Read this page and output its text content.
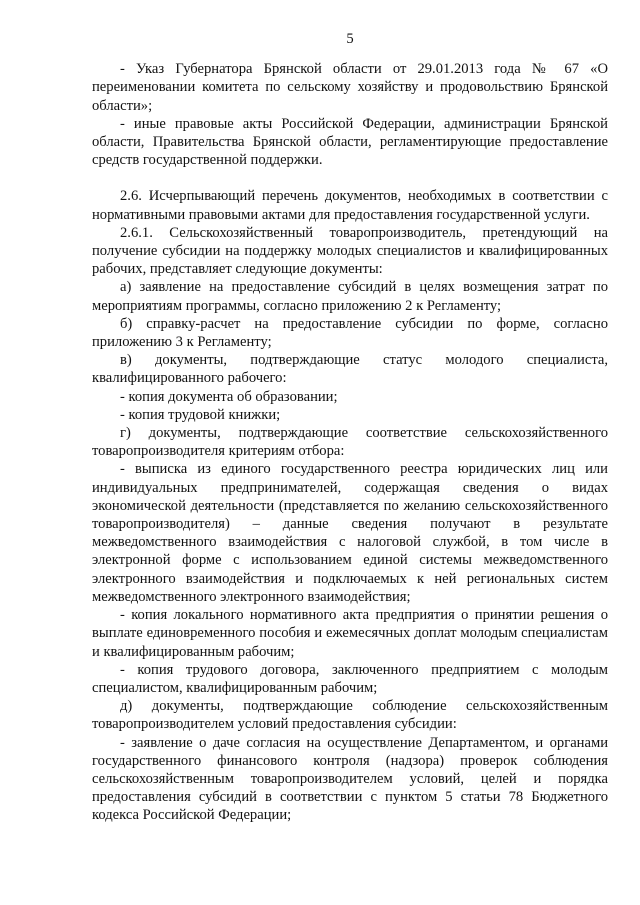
5

- Указ Губернатора Брянской области от 29.01.2013 года № 67 «О переименовании комитета по сельскому хозяйству и продовольствию Брянской области»;

- иные правовые акты Российской Федерации, администрации Брянской области, Правительства Брянской области, регламентирующие предоставление средств государственной поддержки.

2.6. Исчерпывающий перечень документов, необходимых в соответствии с нормативными правовыми актами для предоставления государственной услуги.

2.6.1. Сельскохозяйственный товаропроизводитель, претендующий на получение субсидии на поддержку молодых специалистов и квалифицированных рабочих, представляет следующие документы:

а) заявление на предоставление субсидий в целях возмещения затрат по мероприятиям программы, согласно приложению 2 к Регламенту;

б) справку-расчет на предоставление субсидии по форме, согласно приложению 3 к Регламенту;

в) документы, подтверждающие статус молодого специалиста, квалифицированного рабочего:

- копия документа об образовании;

- копия трудовой книжки;

г) документы, подтверждающие соответствие сельскохозяйственного товаропроизводителя критериям отбора:

- выписка из единого государственного реестра юридических лиц или индивидуальных предпринимателей, содержащая сведения о видах экономической деятельности (представляется по желанию сельскохозяйственного товаропроизводителя) – данные сведения получают в результате межведомственного взаимодействия с налоговой службой, в том числе в электронной форме с использованием единой системы межведомственного электронного взаимодействия и подключаемых к ней региональных систем межведомственного электронного взаимодействия;

- копия локального нормативного акта предприятия о принятии решения о выплате единовременного пособия и ежемесячных доплат молодым специалистам и квалифицированным рабочим;

- копия трудового договора, заключенного предприятием с молодым специалистом, квалифицированным рабочим;

д) документы, подтверждающие соблюдение сельскохозяйственным товаропроизводителем условий предоставления субсидии:

- заявление о даче согласия на осуществление Департаментом, и органами государственного финансового контроля (надзора) проверок соблюдения сельскохозяйственным товаропроизводителем условий, целей и порядка предоставления субсидий в соответствии с пунктом 5 статьи 78 Бюджетного кодекса Российской Федерации;
